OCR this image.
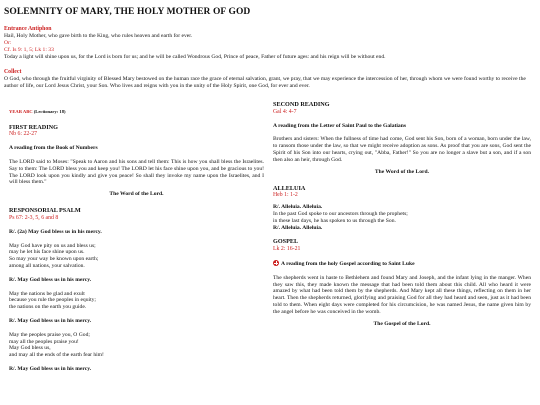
SOLEMNITY OF MARY, THE HOLY MOTHER OF GOD
Entrance Antiphon

Hail, Holy Mother, who gave birth to the King, who rules heaven and earth for ever.

Or:
Cf. Is 9: 1, 5; Lk 1: 33

Today a light will shine upon us, for the Lord is born for us; and he will be called Wondrous God, Prince of peace, Father of future ages: and his reign will be without end.

Collect

O God, who through the fruitful virginity of Blessed Mary bestowed on the human race the grace of eternal salvation, grant, we pray, that we may experience the intercession of her, through whom we were found worthy to receive the author of life, our Lord Jesus Christ, your Son. Who lives and reigns with you in the unity of the Holy Spirit, one God, for ever and ever.

YEAR ABC (Lectionary: 18)
FIRST READING
Nb 6: 22-27
A reading from the Book of Numbers

The LORD said to Moses: "Speak to Aaron and his sons and tell them: This is how you shall bless the Israelites. Say to them: The LORD bless you and keep you! The LORD let his face shine upon you, and be gracious to you! The LORD look upon you kindly and give you peace! So shall they invoke my name upon the Israelites, and I will bless them."

The Word of the Lord.
RESPONSORIAL PSALM
Ps 67: 2-3, 5, 6 and 8
R/. (2a) May God bless us in his mercy.
May God have pity on us and bless us;
may he let his face shine upon us.
So may your way be known upon earth;
among all nations, your salvation.
R/. May God bless us in his mercy.
May the nations be glad and exult
because you rule the peoples in equity;
the nations on the earth you guide.
R/. May God bless us in his mercy.
May the peoples praise you, O God;
may all the peoples praise you!
May God bless us,
and may all the ends of the earth fear him!
R/. May God bless us in his mercy.
SECOND READING
Gal 4: 4-7
A reading from the Letter of Saint Paul to the Galatians

Brothers and sisters: When the fullness of time had come, God sent his Son, born of a woman, born under the law, to ransom those under the law, so that we might receive adoption as sons. As proof that you are sons, God sent the Spirit of his Son into our hearts, crying out, "Abba, Father!" So you are no longer a slave but a son, and if a son then also an heir, through God.

The Word of the Lord.
ALLELUIA
Heb 1: 1-2
R/. Alleluia. Alleluia.
In the past God spoke to our ancestors through the prophets;
in these last days, he has spoken to us through the Son.
R/. Alleluia. Alleluia.
GOSPEL
Lk 2: 16-21
A reading from the holy Gospel according to Saint Luke

The shepherds went in haste to Bethlehem and found Mary and Joseph, and the infant lying in the manger. When they saw this, they made known the message that had been told them about this child. All who heard it were amazed by what had been told them by the shepherds. And Mary kept all these things, reflecting on them in her heart. Then the shepherds returned, glorifying and praising God for all they had heard and seen, just as it had been told to them. When eight days were completed for his circumcision, he was named Jesus, the name given him by the angel before he was conceived in the womb.

The Gospel of the Lord.
